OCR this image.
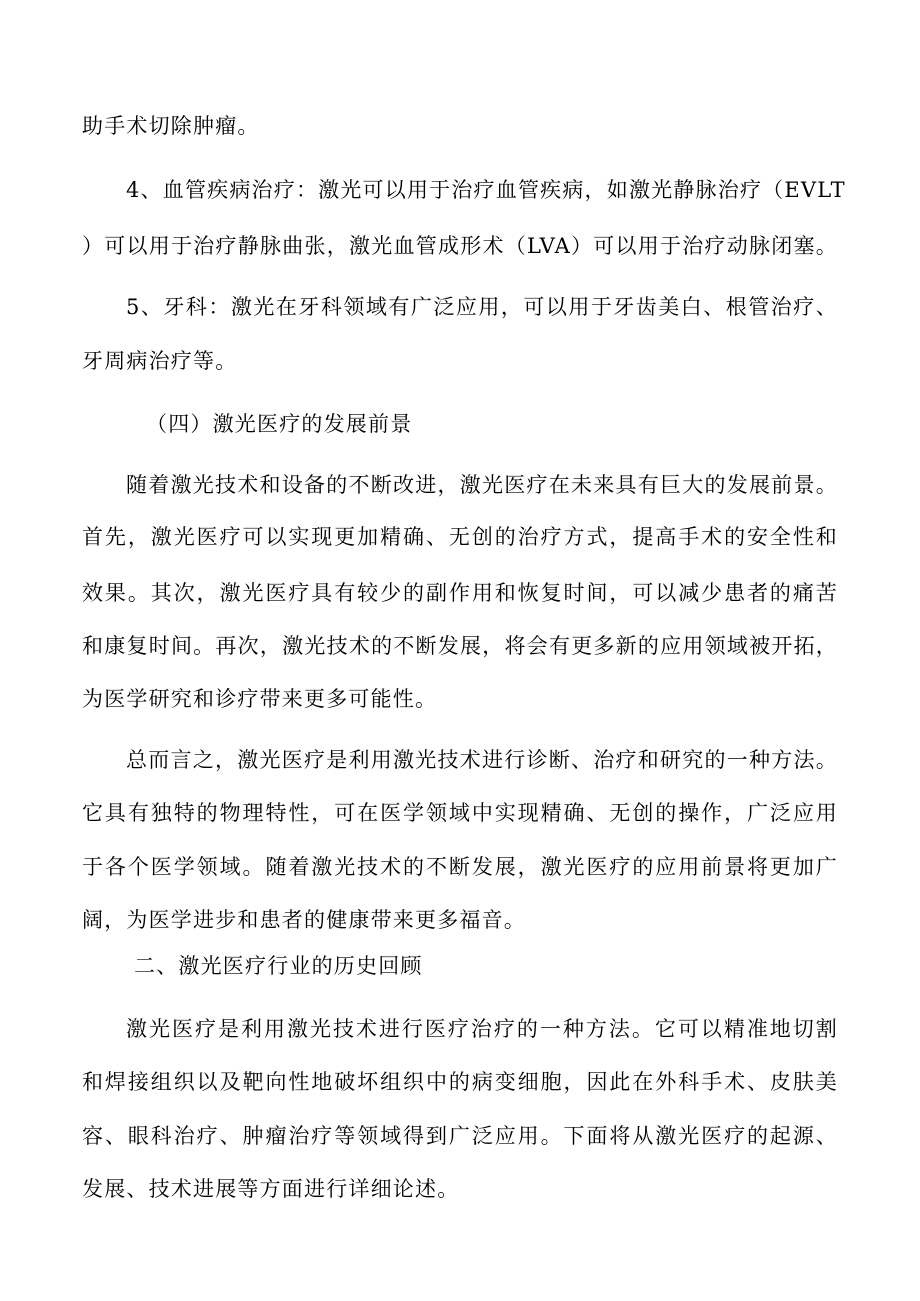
助手术切除肿瘤。
4、血管疾病治疗：激光可以用于治疗血管疾病，如激光静脉治疗（EVLT
）可以用于治疗静脉曲张，激光血管成形术（LVA）可以用于治疗动脉闭塞。
5、牙科：激光在牙科领域有广泛应用，可以用于牙齿美白、根管治疗、
牙周病治疗等。
（四）激光医疗的发展前景
随着激光技术和设备的不断改进，激光医疗在未来具有巨大的发展前景。
首先，激光医疗可以实现更加精确、无创的治疗方式，提高手术的安全性和
效果。其次，激光医疗具有较少的副作用和恢复时间，可以减少患者的痛苦
和康复时间。再次，激光技术的不断发展，将会有更多新的应用领域被开拓，
为医学研究和诊疗带来更多可能性。
总而言之，激光医疗是利用激光技术进行诊断、治疗和研究的一种方法。
它具有独特的物理特性，可在医学领域中实现精确、无创的操作，广泛应用
于各个医学领域。随着激光技术的不断发展，激光医疗的应用前景将更加广
阔，为医学进步和患者的健康带来更多福音。
二、激光医疗行业的历史回顾
激光医疗是利用激光技术进行医疗治疗的一种方法。它可以精准地切割
和焊接组织以及靶向性地破坏组织中的病变细胞，因此在外科手术、皮肤美
容、眼科治疗、肿瘤治疗等领域得到广泛应用。下面将从激光医疗的起源、
发展、技术进展等方面进行详细论述。
